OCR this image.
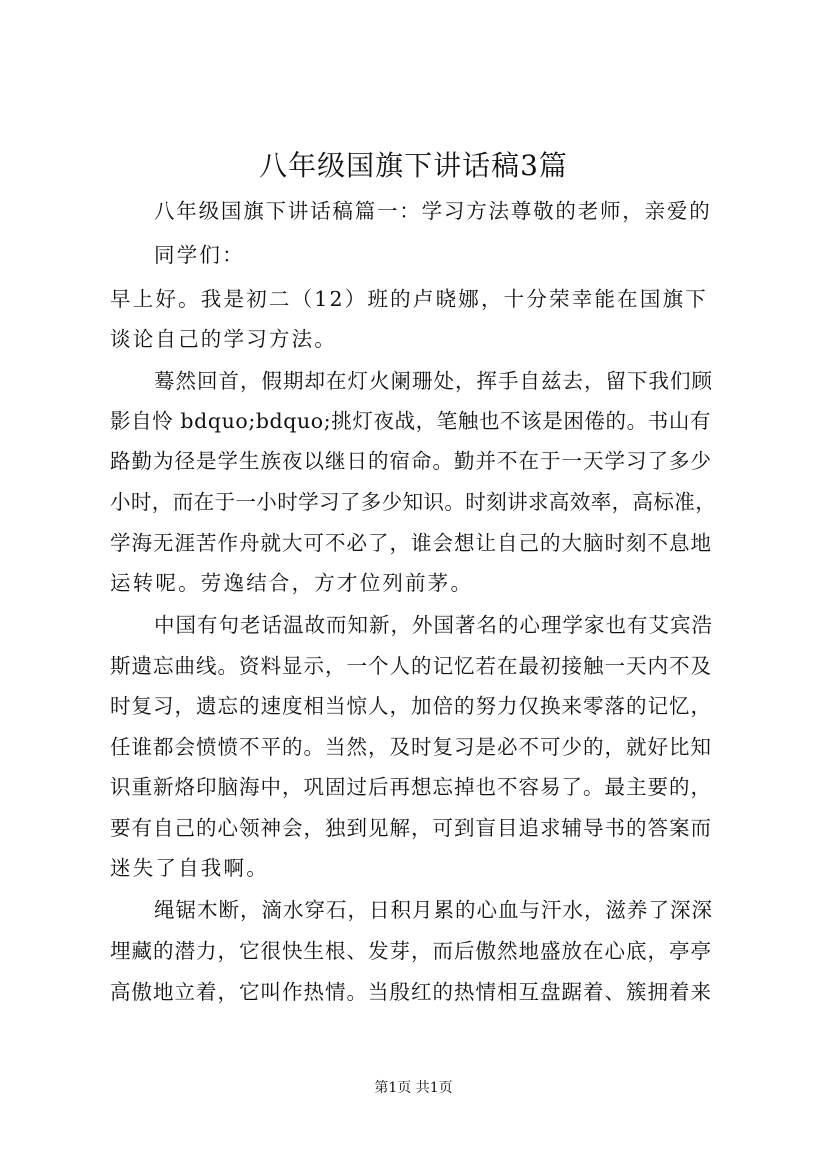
八年级国旗下讲话稿3篇
八年级国旗下讲话稿篇一：学习方法尊敬的老师，亲爱的
同学们：
早上好。我是初二（12）班的卢晓娜，十分荣幸能在国旗下
谈论自己的学习方法。
蓦然回首，假期却在灯火阑珊处，挥手自兹去，留下我们顾
影自怜 bdquo;bdquo;挑灯夜战，笔触也不该是困倦的。书山有
路勤为径是学生族夜以继日的宿命。勤并不在于一天学习了多少
小时，而在于一小时学习了多少知识。时刻讲求高效率，高标准，
学海无涯苦作舟就大可不必了，谁会想让自己的大脑时刻不息地
运转呢。劳逸结合，方才位列前茅。
中国有句老话温故而知新，外国著名的心理学家也有艾宾浩
斯遗忘曲线。资料显示，一个人的记忆若在最初接触一天内不及
时复习，遗忘的速度相当惊人，加倍的努力仅换来零落的记忆，
任谁都会愤愤不平的。当然，及时复习是必不可少的，就好比知
识重新烙印脑海中，巩固过后再想忘掉也不容易了。最主要的，
要有自己的心领神会，独到见解，可到盲目追求辅导书的答案而
迷失了自我啊。
绳锯木断，滴水穿石，日积月累的心血与汗水，滋养了深深
埋藏的潜力，它很快生根、发芽，而后傲然地盛放在心底，亭亭
高傲地立着，它叫作热情。当殷红的热情相互盘踞着、簇拥着来
第1页 共1页
